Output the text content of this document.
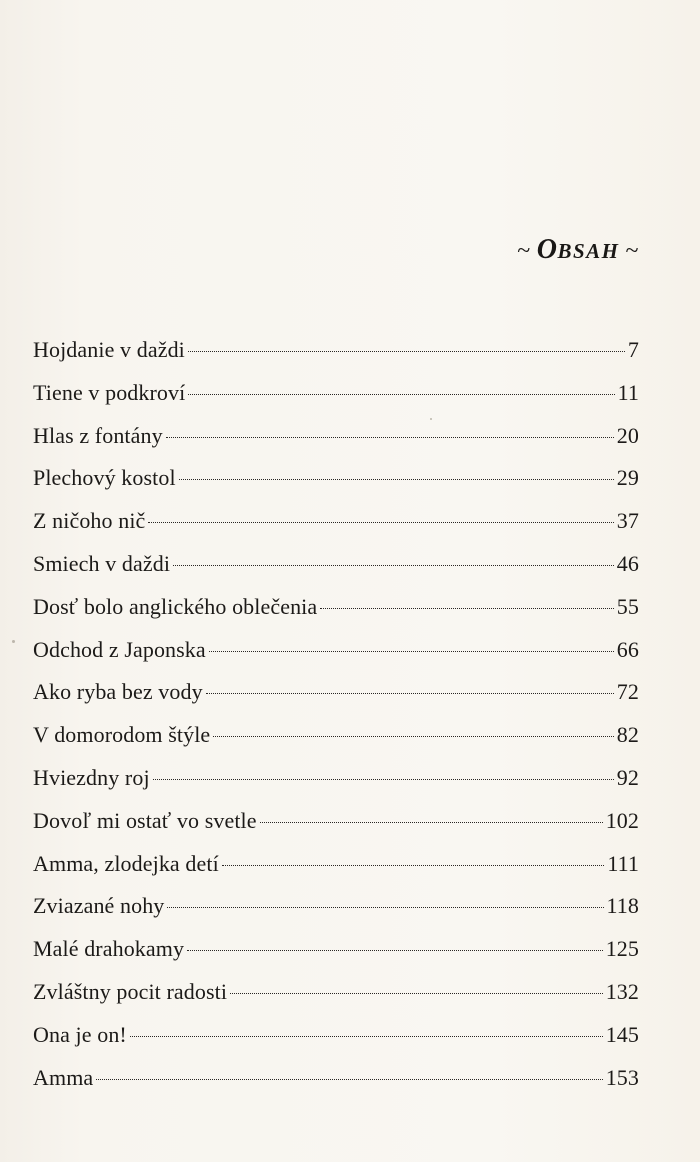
~ OBSAH ~
Hojdanie v daždi	7
Tiene v podkroví	11
Hlas z fontány	20
Plechový kostol	29
Z ničoho nič	37
Smiech v daždi	46
Dosť bolo anglického oblečenia	55
Odchod z Japonska	66
Ako ryba bez vody	72
V domorodom štýle	82
Hviezdny roj	92
Dovoľ mi ostať vo svetle	102
Amma, zlodejka detí	111
Zviazané nohy	118
Malé drahokamy	125
Zvláštny pocit radosti	132
Ona je on!	145
Amma	153
